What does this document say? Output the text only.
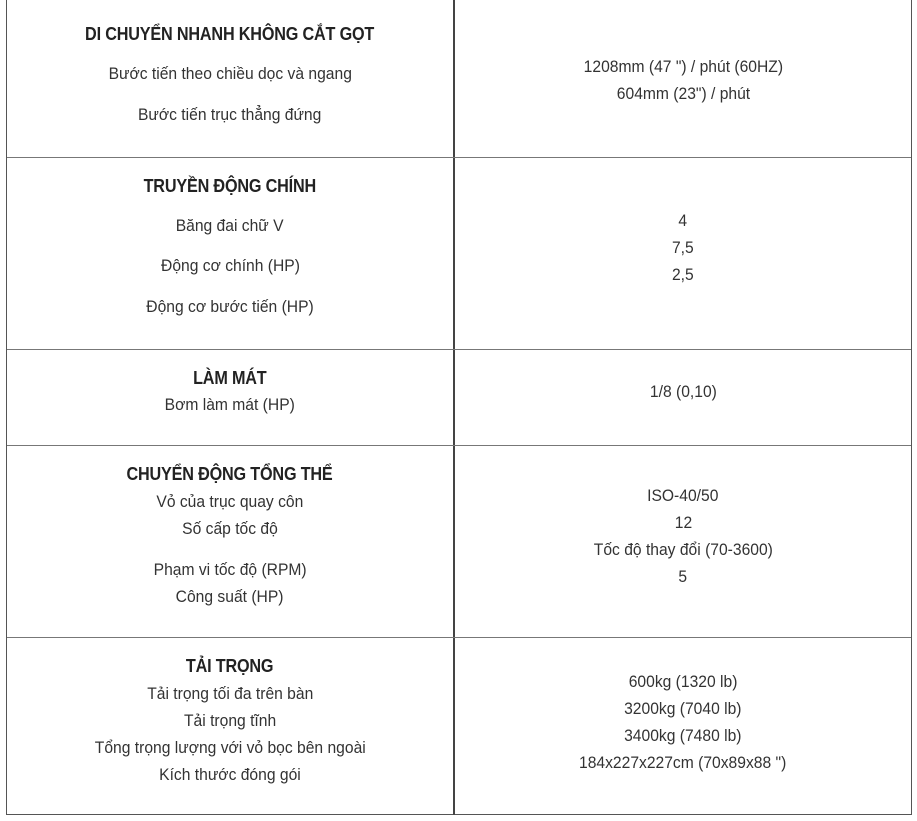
DI CHUYỂN NHANH KHÔNG CẮT GỌT
Bước tiến theo chiều dọc và ngang
Bước tiến trục thẳng đứng
1208mm (47 ") / phút (60HZ)
604mm (23") / phút
TRUYỀN ĐỘNG CHÍNH
Băng đai chữ V
Động cơ chính (HP)
Động cơ bước tiến (HP)
4
7,5
2,5
LÀM MÁT
Bơm làm mát (HP)
1/8 (0,10)
CHUYỂN ĐỘNG TỔNG THỂ
Vỏ của trục quay côn
Số cấp tốc độ
Phạm vi tốc độ (RPM)
Công suất (HP)
ISO-40/50
12
Tốc độ thay đổi (70-3600)
5
TẢI TRỌNG
Tải trọng tối đa trên bàn
Tải trọng tĩnh
Tổng trọng lượng với vỏ bọc bên ngoài
Kích thước đóng gói
600kg (1320 lb)
3200kg (7040 lb)
3400kg (7480 lb)
184x227x227cm (70x89x88 ")
